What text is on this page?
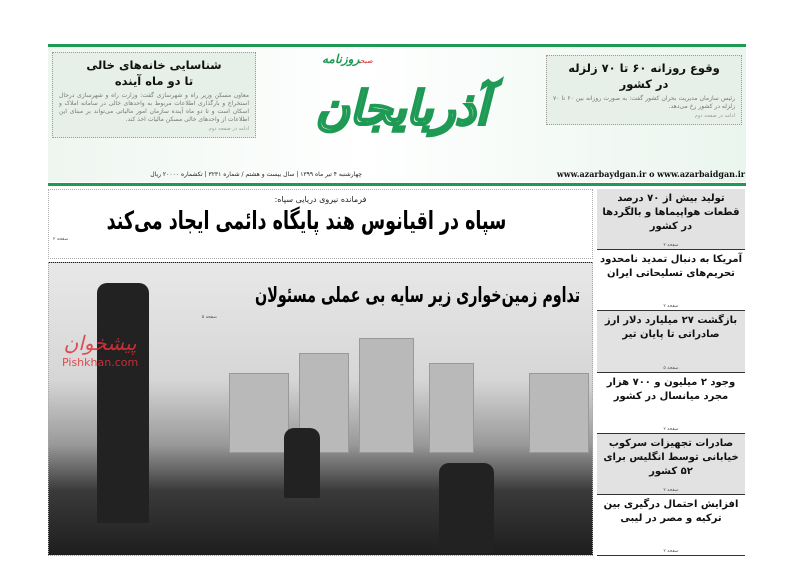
شناسایی خانه‌های خالی
تا دو ماه آینده

معاون مسکن وزیر راه و شهرسازی گفت: وزارت راه و شهرسازی درحال استخراج و بارگذاری اطلاعات مربوط به واحدهای خالی در سامانه املاک و اسکان است و تا دو ماه آینده سازمان امور مالیاتی می‌تواند بر مبنای این اطلاعات از واحدهای خالی مسکن مالیات اخذ کند.

ادامه در صفحه دوم
وقوع روزانه ۶۰ تا ۷۰ زلزله
در کشور

رئیس سازمان مدیریت بحران کشور گفت: به صورت روزانه بین ۶۰ تا ۷۰ زلزله در کشور رخ می‌دهد.

ادامه در صفحه دوم
صبحروزنامه
آذربایجان
چهارشنبه ۴ تیر ماه ۱۳۹۹ | سال بیست و هشتم / شماره ۳۲۳۱ | تکشماره ۲۰۰۰۰ ریال	www.azarbaydgan.ir o www.azarbaidgan.ir
فرمانده نیروی دریایی سپاه:
سپاه در اقیانوس هند پایگاه دائمی ایجاد می‌کند
صفحه ۲
تداوم زمین‌خواری زیر سایه بی عملی مسئولان
صفحه ۵
پیشخوان
Pishkhan.com
تولید بیش از ۷۰ درصد قطعات هواپیماها و بالگردها در کشور
صفحه ۲
آمریکا به دنبال تمدید نامحدود تحریم‌های تسلیحاتی ایران
صفحه ۲
بازگشت ۲۷ میلیارد دلار ارز صادراتی تا پایان تیر
صفحه ۵
وجود ۲ میلیون و ۷۰۰ هزار مجرد میانسال در کشور
صفحه ۲
صادرات تجهیزات سرکوب خیابانی توسط انگلیس برای ۵۲ کشور
صفحه ۲
افزایش احتمال درگیری بین ترکیه و مصر در لیبی
صفحه ۲
